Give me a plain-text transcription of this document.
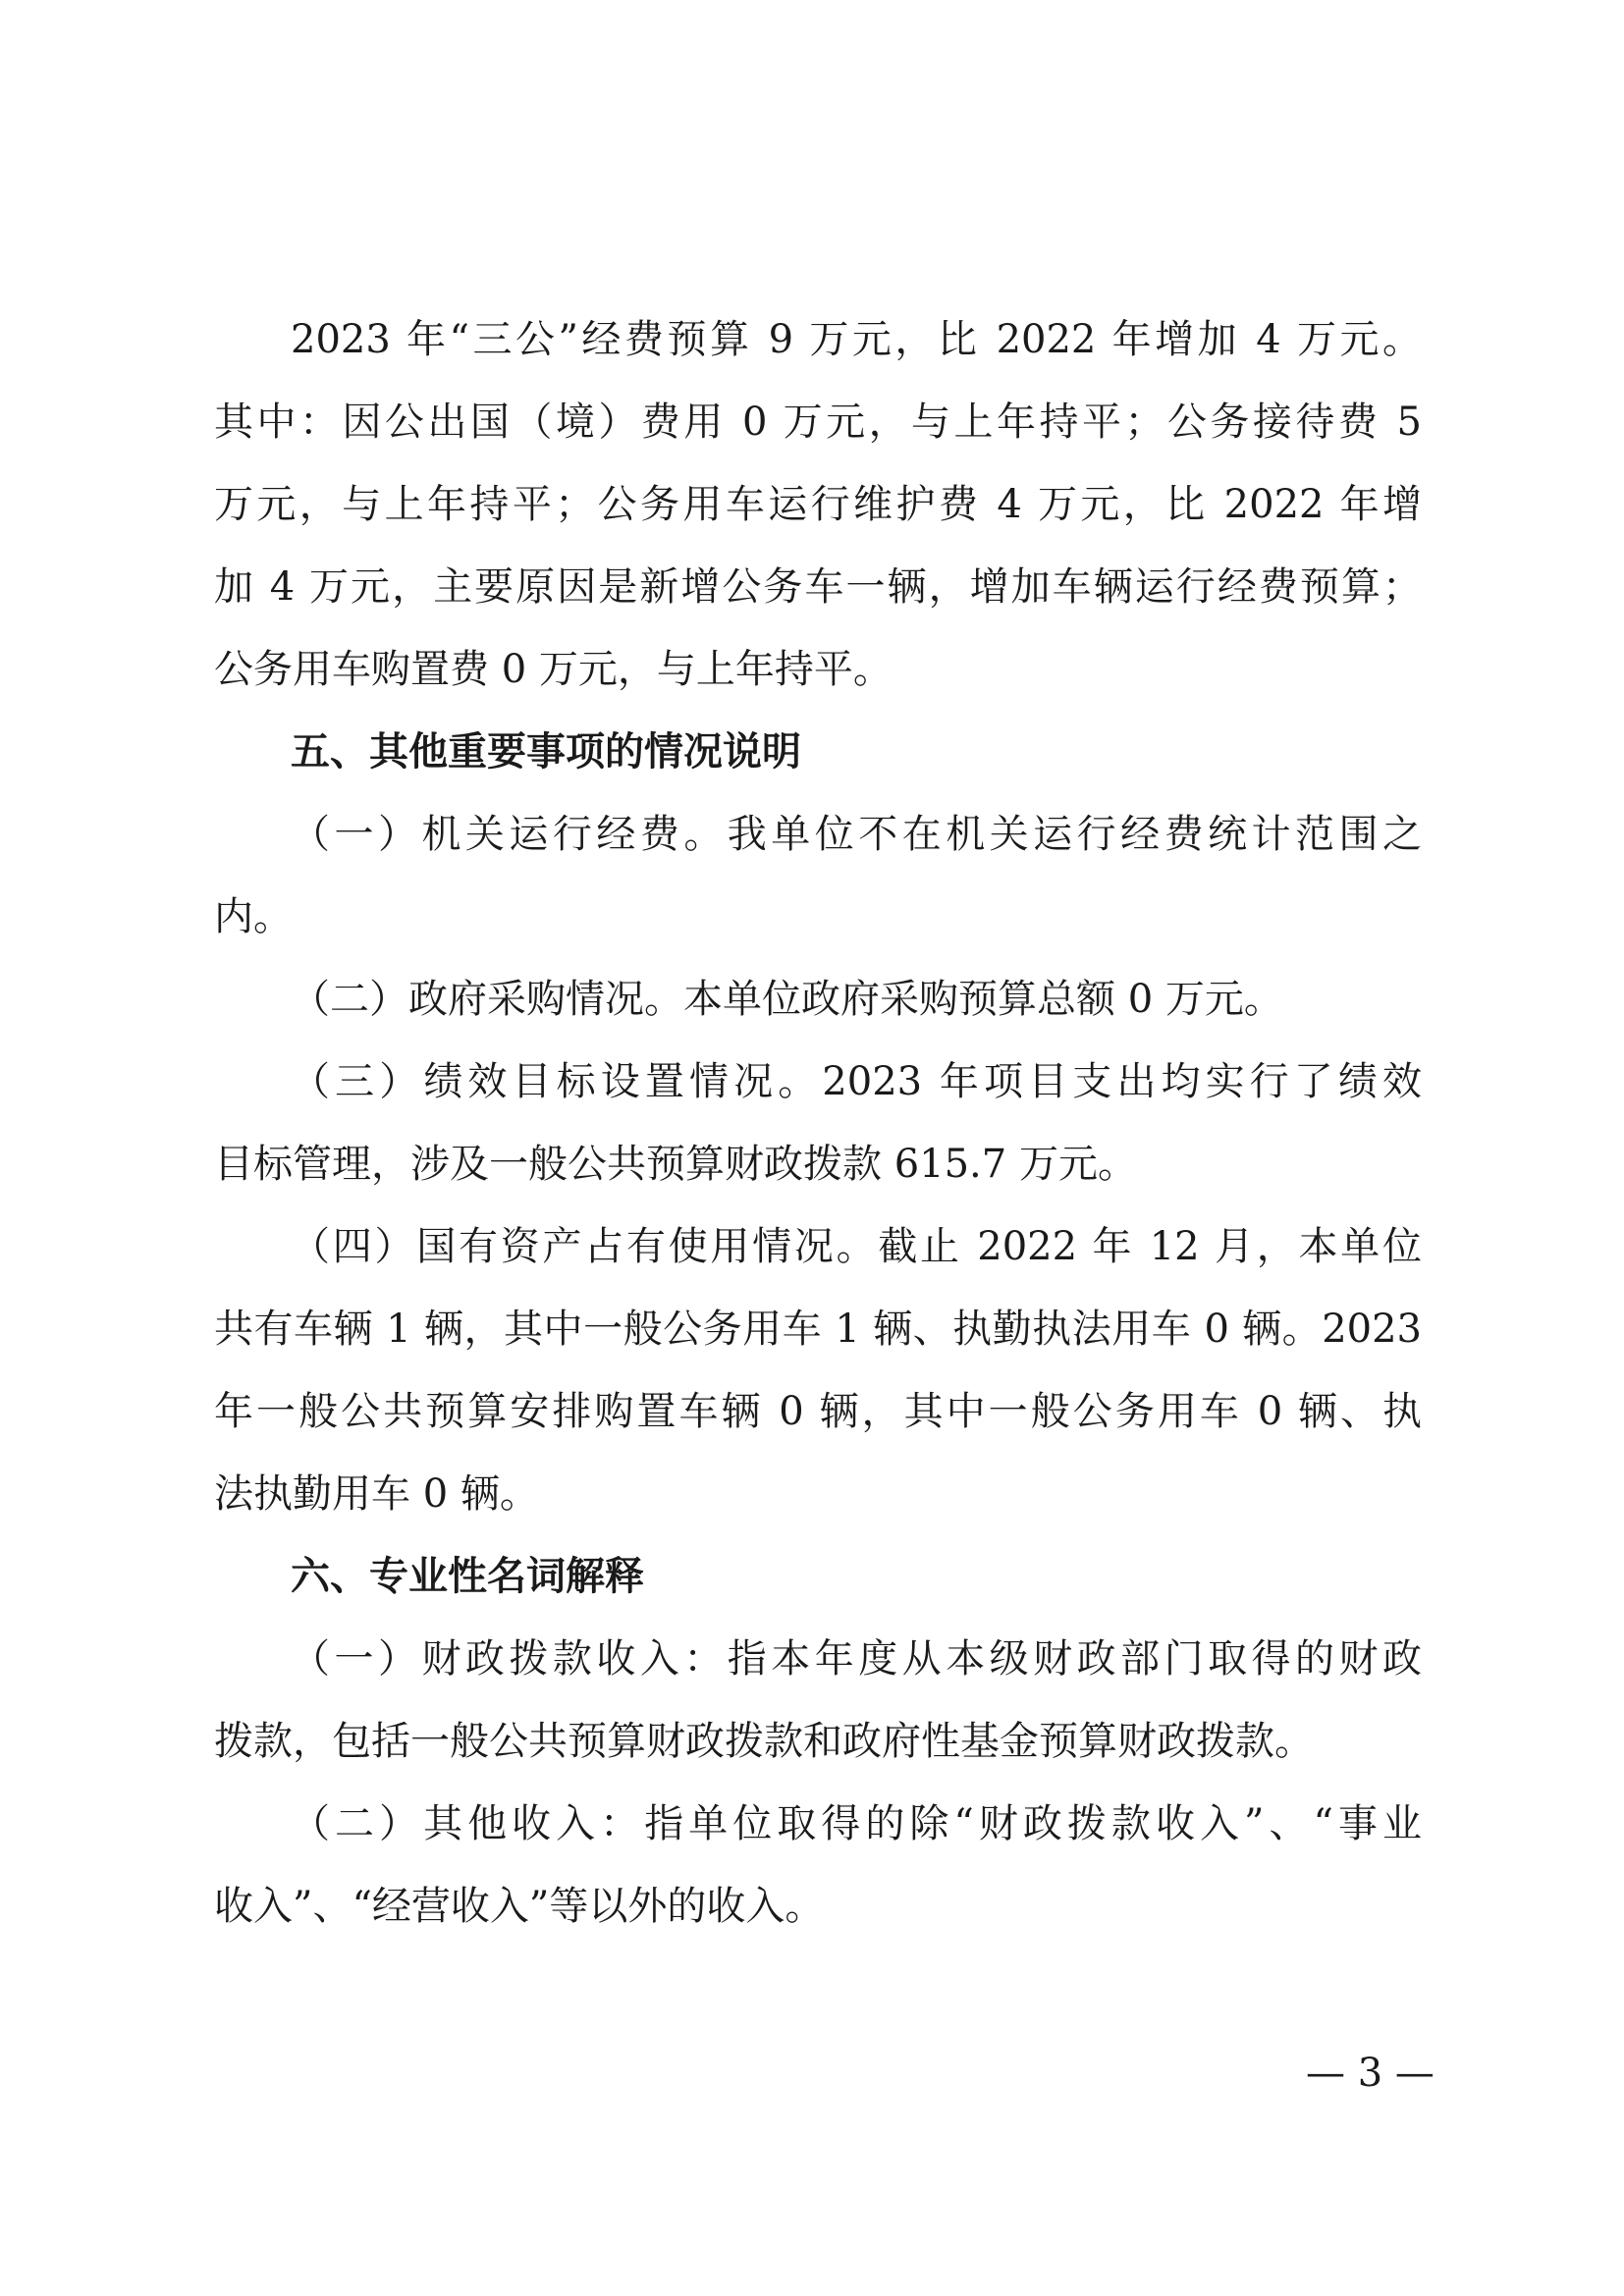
2023 年“三公”经费预算 9 万元，比 2022 年增加 4 万元。
其中：因公出国（境）费用 0 万元，与上年持平；公务接待费 5
万元，与上年持平；公务用车运行维护费 4 万元，比 2022 年增
加 4 万元，主要原因是新增公务车一辆，增加车辆运行经费预算；
公务用车购置费 0 万元，与上年持平。
五、其他重要事项的情况说明
（一）机关运行经费。我单位不在机关运行经费统计范围之
内。
（二）政府采购情况。本单位政府采购预算总额 0 万元。
（三）绩效目标设置情况。2023 年项目支出均实行了绩效
目标管理，涉及一般公共预算财政拨款 615.7 万元。
（四）国有资产占有使用情况。截止 2022 年 12 月，本单位
共有车辆 1 辆，其中一般公务用车 1 辆、执勤执法用车 0 辆。2023
年一般公共预算安排购置车辆 0 辆，其中一般公务用车 0 辆、执
法执勤用车 0 辆。
六、专业性名词解释
（一）财政拨款收入：指本年度从本级财政部门取得的财政
拨款，包括一般公共预算财政拨款和政府性基金预算财政拨款。
（二）其他收入：指单位取得的除“财政拨款收入”、“事业
收入”、“经营收入”等以外的收入。
— 3 —
